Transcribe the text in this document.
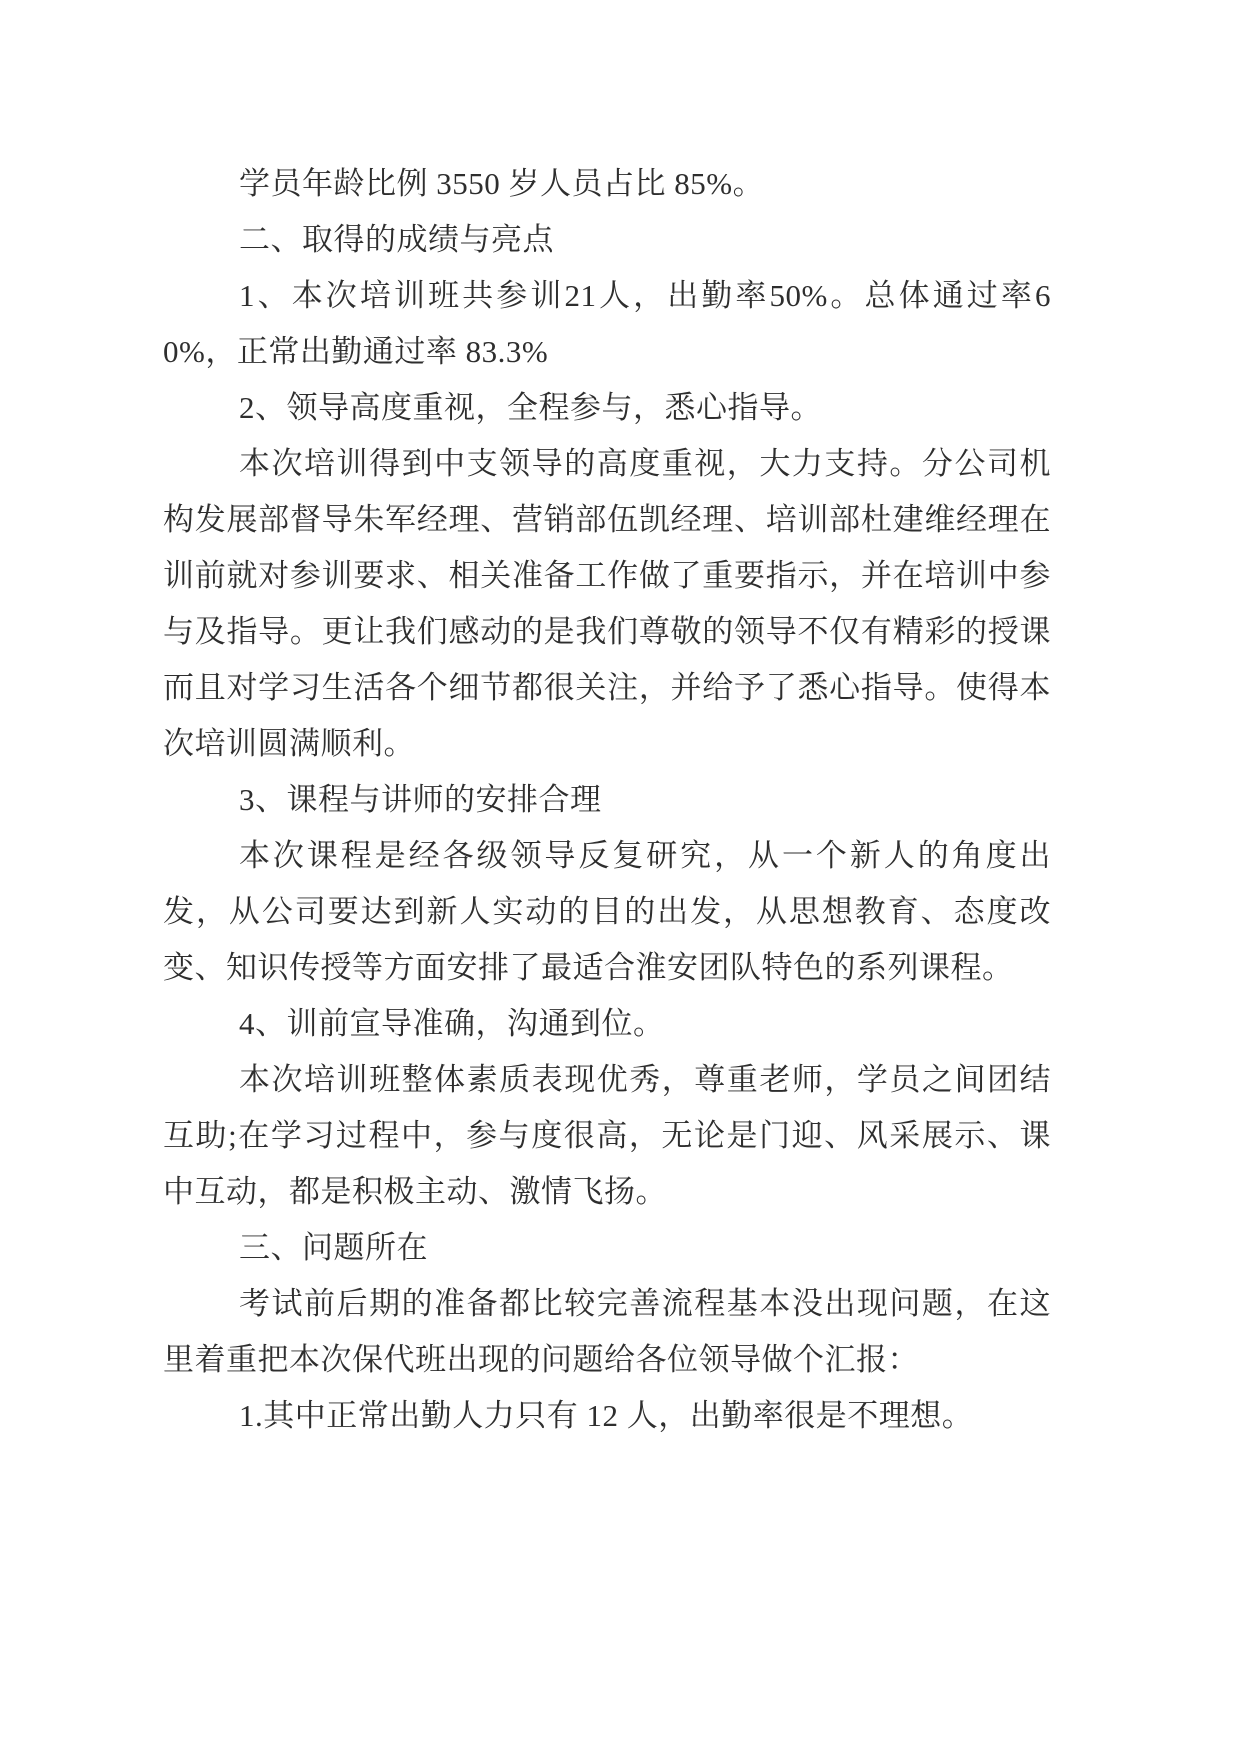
学员年龄比例 3550 岁人员占比 85%。

二、取得的成绩与亮点

1、本次培训班共参训21人，出勤率50%。总体通过率60%，正常出勤通过率 83.3%

2、领导高度重视，全程参与，悉心指导。

本次培训得到中支领导的高度重视，大力支持。分公司机构发展部督导朱军经理、营销部伍凯经理、培训部杜建维经理在训前就对参训要求、相关准备工作做了重要指示，并在培训中参与及指导。更让我们感动的是我们尊敬的领导不仅有精彩的授课而且对学习生活各个细节都很关注，并给予了悉心指导。使得本次培训圆满顺利。

3、课程与讲师的安排合理

本次课程是经各级领导反复研究，从一个新人的角度出发，从公司要达到新人实动的目的出发，从思想教育、态度改变、知识传授等方面安排了最适合淮安团队特色的系列课程。

4、训前宣导准确，沟通到位。

本次培训班整体素质表现优秀，尊重老师，学员之间团结互助;在学习过程中，参与度很高，无论是门迎、风采展示、课中互动，都是积极主动、激情飞扬。

三、问题所在

考试前后期的准备都比较完善流程基本没出现问题，在这里着重把本次保代班出现的问题给各位领导做个汇报：

1.其中正常出勤人力只有 12 人，出勤率很是不理想。
